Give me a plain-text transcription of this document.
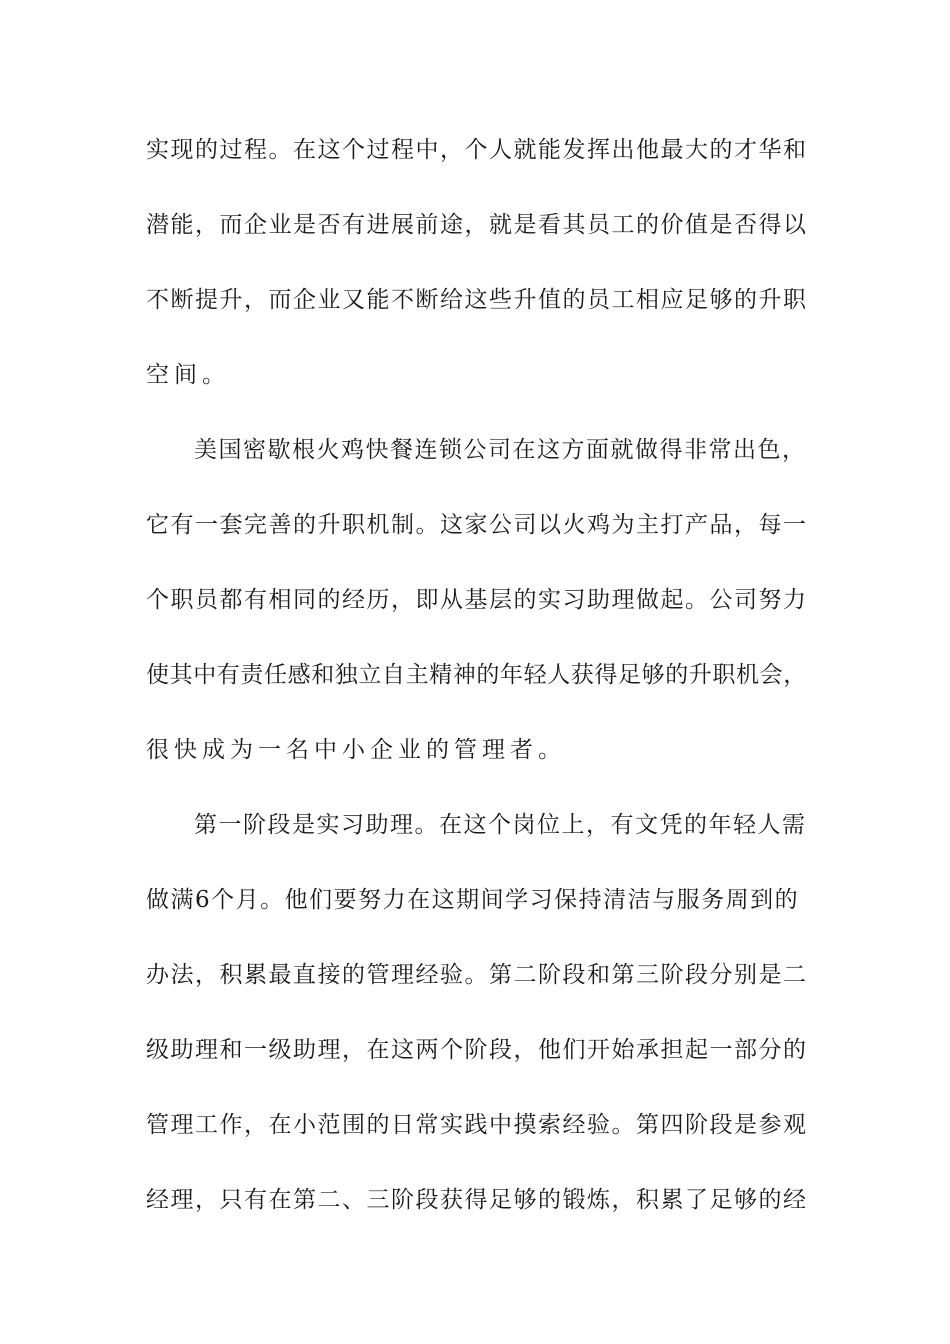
实现的过程。在这个过程中，个人就能发挥出他最大的才华和
潜能，而企业是否有进展前途，就是看其员工的价值是否得以
不断提升，而企业又能不断给这些升值的员工相应足够的升职
空间。
美国密歇根火鸡快餐连锁公司在这方面就做得非常出色，
它有一套完善的升职机制。这家公司以火鸡为主打产品，每一
个职员都有相同的经历，即从基层的实习助理做起。公司努力
使其中有责任感和独立自主精神的年轻人获得足够的升职机会，
很快成为一名中小企业的管理者。
第一阶段是实习助理。在这个岗位上，有文凭的年轻人需
做满6个月。他们要努力在这期间学习保持清洁与服务周到的
办法，积累最直接的管理经验。第二阶段和第三阶段分别是二
级助理和一级助理，在这两个阶段，他们开始承担起一部分的
管理工作，在小范围的日常实践中摸索经验。第四阶段是参观
经理，只有在第二、三阶段获得足够的锻炼，积累了足够的经
